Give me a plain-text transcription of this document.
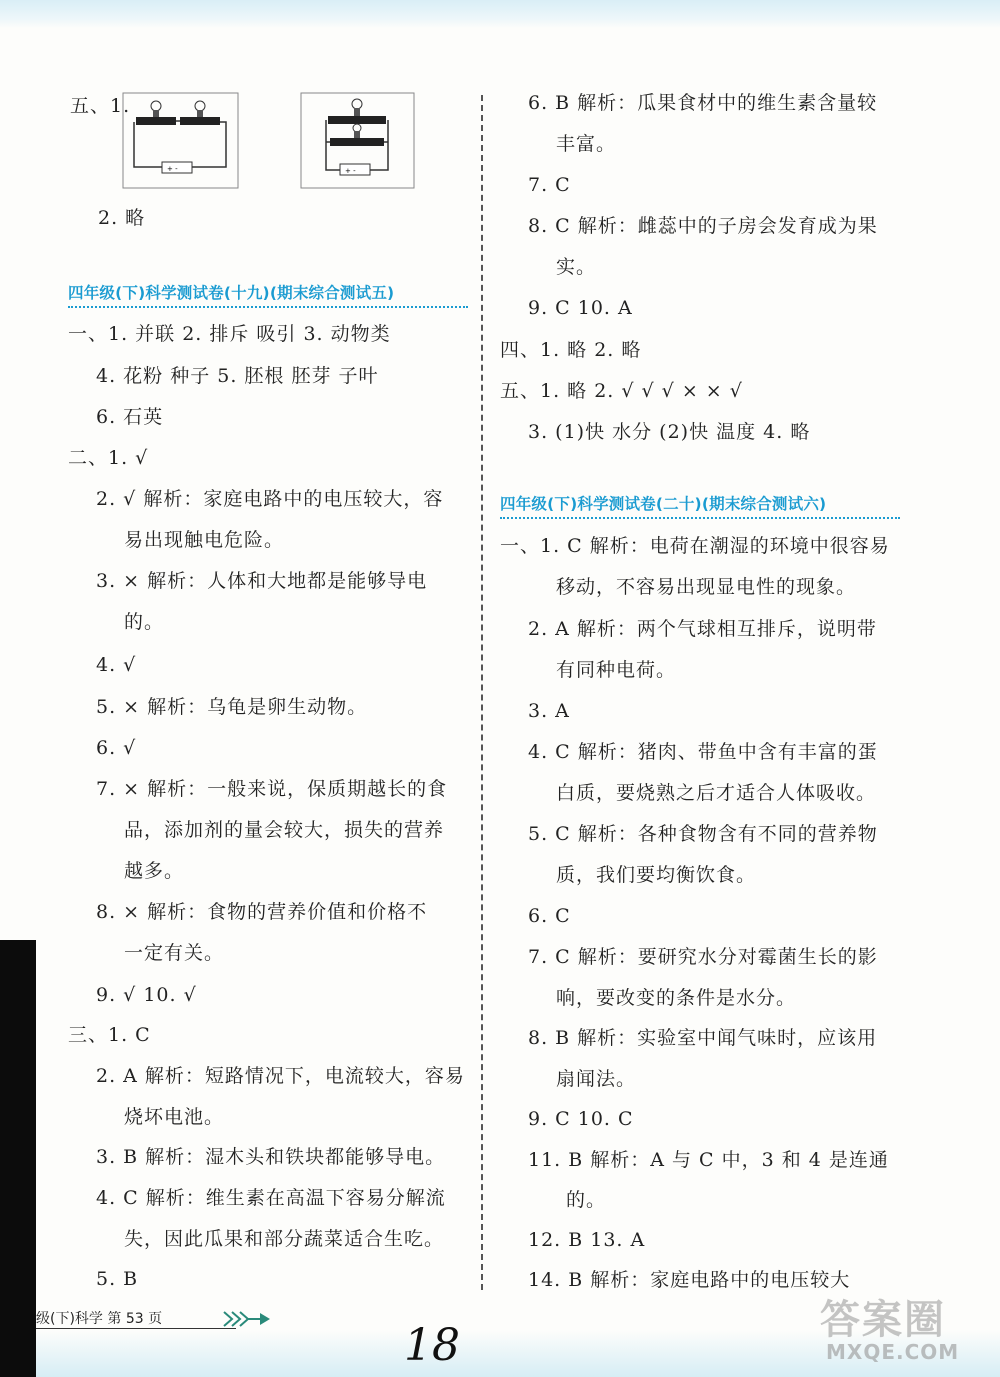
五、1.
+ -	+ -
2. 略
四年级(下)科学测试卷(十九)(期末综合测试五)
一、1. 并联 2. 排斥 吸引 3. 动物类
4. 花粉 种子 5. 胚根 胚芽 子叶
6. 石英
二、1. √
2. √ 解析：家庭电路中的电压较大，容
易出现触电危险。
3. × 解析：人体和大地都是能够导电
的。
4. √
5. × 解析：乌龟是卵生动物。
6. √
7. × 解析：一般来说，保质期越长的食
品，添加剂的量会较大，损失的营养
越多。
8. × 解析：食物的营养价值和价格不
一定有关。
9. √ 10. √
三、1. C
2. A 解析：短路情况下，电流较大，容易
烧坏电池。
3. B 解析：湿木头和铁块都能够导电。
4. C 解析：维生素在高温下容易分解流
失，因此瓜果和部分蔬菜适合生吃。
5. B
6. B 解析：瓜果食材中的维生素含量较
丰富。
7. C
8. C 解析：雌蕊中的子房会发育成为果
实。
9. C 10. A
四、1. 略 2. 略
五、1. 略 2. √ √ √ × × √
3. (1)快 水分 (2)快 温度 4. 略
四年级(下)科学测试卷(二十)(期末综合测试六)
一、1. C 解析：电荷在潮湿的环境中很容易
移动，不容易出现显电性的现象。
2. A 解析：两个气球相互排斥，说明带
有同种电荷。
3. A
4. C 解析：猪肉、带鱼中含有丰富的蛋
白质，要烧熟之后才适合人体吸收。
5. C 解析：各种食物含有不同的营养物
质，我们要均衡饮食。
6. C
7. C 解析：要研究水分对霉菌生长的影
响，要改变的条件是水分。
8. B 解析：实验室中闻气味时，应该用
扇闻法。
9. C 10. C
11. B 解析：A 与 C 中，3 和 4 是连通
的。
12. B 13. A
14. B 解析：家庭电路中的电压较大
级(下)科学 第 53 页
18	答案圈
MXQE.COM
